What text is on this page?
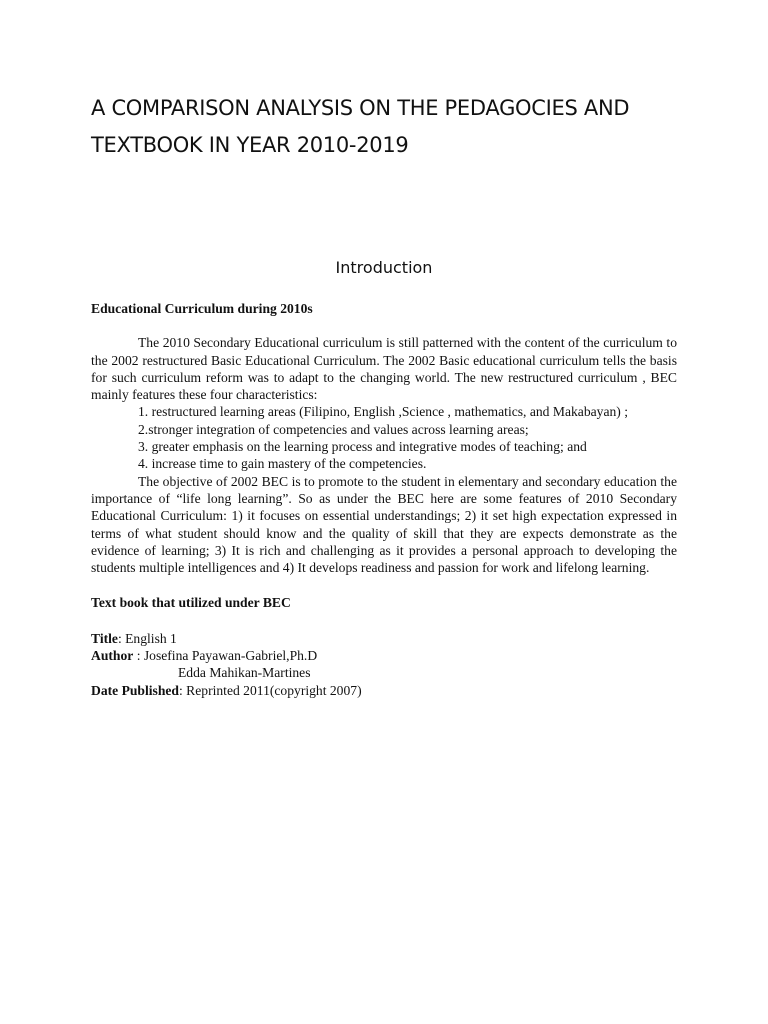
A COMPARISON ANALYSIS ON THE PEDAGOCIES AND
TEXTBOOK IN YEAR 2010-2019
Introduction

Educational Curriculum during 2010s

The 2010 Secondary Educational curriculum is still patterned with the content of the curriculum to the 2002 restructured Basic Educational Curriculum. The 2002 Basic educational curriculum tells the basis for such curriculum reform was to adapt to the changing world. The new restructured curriculum , BEC mainly features these four characteristics:

1. restructured learning areas (Filipino, English ,Science , mathematics, and Makabayan) ;
2.stronger integration of competencies and values across learning areas;
3. greater emphasis on the learning process and integrative modes of teaching; and
4. increase time to gain mastery of the competencies.

The objective of 2002 BEC is to promote to the student in elementary and secondary education the importance of “life long learning”. So as under the BEC here are some features of 2010 Secondary Educational Curriculum: 1) it focuses on essential understandings; 2) it set high expectation expressed in terms of what student should know and the quality of skill that they are expects demonstrate as the evidence of learning; 3) It is rich and challenging as it provides a personal approach to developing the students multiple intelligences and 4) It develops readiness and passion for work and lifelong learning.

Text book that utilized under BEC

Title: English 1

Author : Josefina Payawan-Gabriel,Ph.D

Edda Mahikan-Martines

Date Published: Reprinted 2011(copyright 2007)
